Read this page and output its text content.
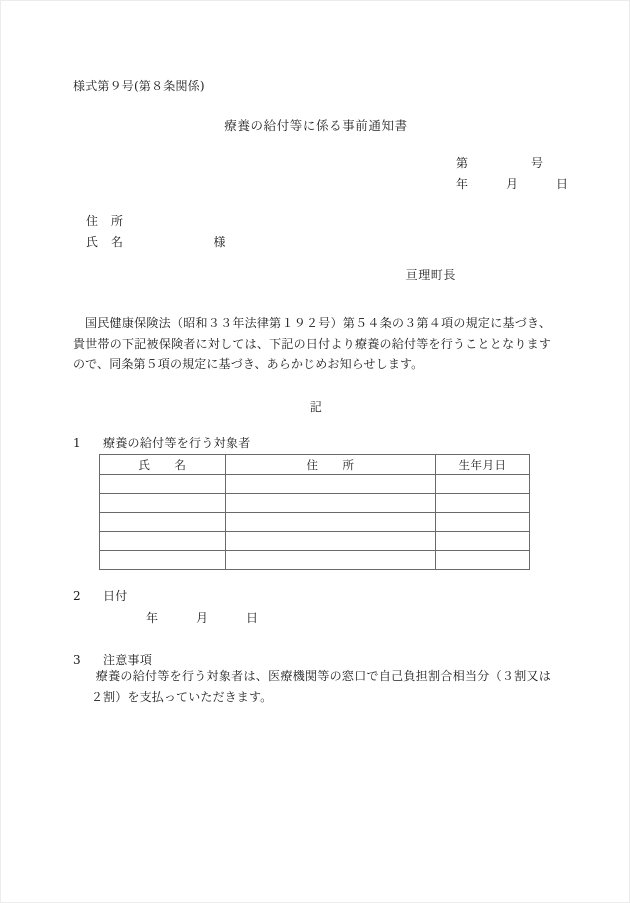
様式第９号(第８条関係)
療養の給付等に係る事前通知書
第　　　　　号
年　　　月　　　日
住　所
氏　名	様
亘理町長

国民健康保険法（昭和３３年法律第１９２号）第５４条の３第４項の規定に基づき、貴世帯の下記被保険者に対しては、下記の日付より療養の給付等を行うこととなりますので、同条第５項の規定に基づき、あらかじめお知らせします。

記
1 療養の給付等を行う対象者
氏　　名	住　　所	生年月日

2 日付
年　　　月　　　日
3 注意事項

療養の給付等を行う対象者は、医療機関等の窓口で自己負担割合相当分（３割又は２割）を支払っていただきます。
